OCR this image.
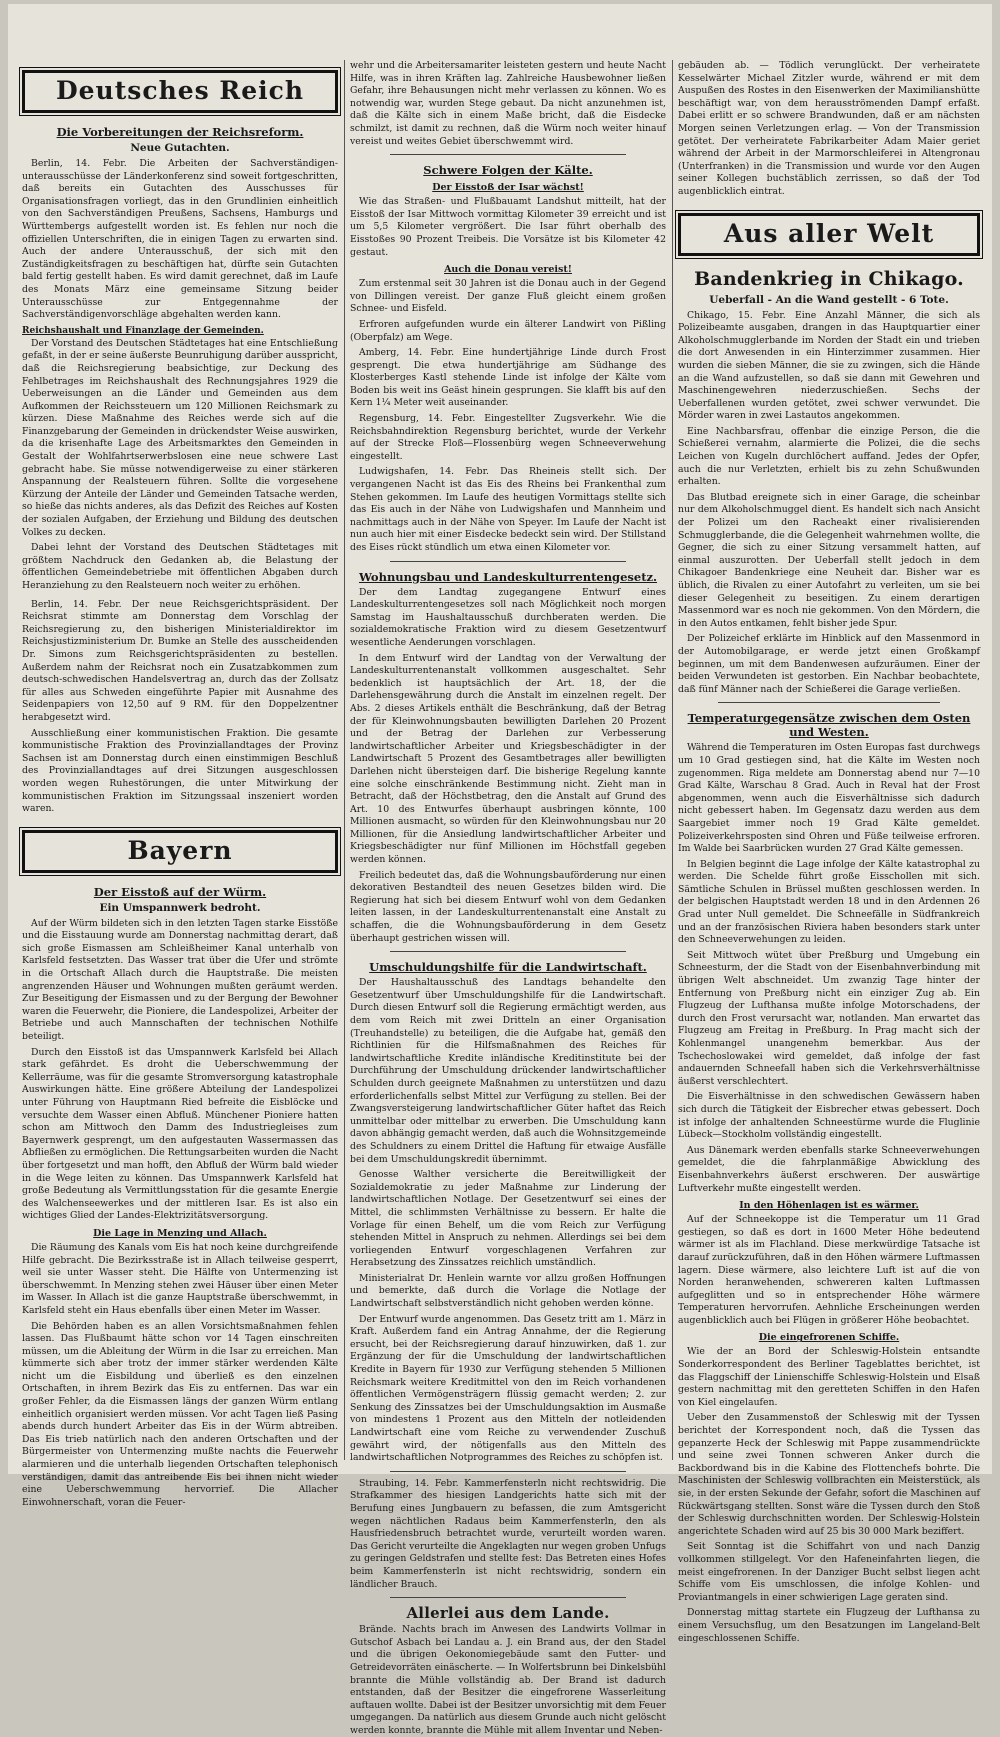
Deutsches Reich
Die Vorbereitungen der Reichsreform.
Neue Gutachten.

Berlin, 14. Febr. Die Arbeiten der Sachverständigen-unterausschüsse der Länderkonferenz sind soweit fortgeschritten, daß bereits ein Gutachten des Ausschusses für Organisationsfragen vorliegt, das in den Grundlinien einheitlich von den Sachverständigen Preußens, Sachsens, Hamburgs und Württembergs aufgestellt worden ist. Es fehlen nur noch die offiziellen Unterschriften, die in einigen Tagen zu erwarten sind. Auch der andere Unterausschuß, der sich mit den Zuständigkeitsfragen zu beschäftigen hat, dürfte sein Gutachten bald fertig gestellt haben. Es wird damit gerechnet, daß im Laufe des Monats März eine gemeinsame Sitzung beider Unterausschüsse zur Entgegennahme der Sachverständigenvorschläge abgehalten werden kann.

Reichshaushalt und Finanzlage der Gemeinden.

Der Vorstand des Deutschen Städtetages hat eine Entschließung gefaßt, in der er seine äußerste Beunruhigung darüber ausspricht, daß die Reichsregierung beabsichtige, zur Deckung des Fehlbetrages im Reichshaushalt des Rechnungsjahres 1929 die Ueberweisungen an die Länder und Gemeinden aus dem Aufkommen der Reichssteuern um 120 Millionen Reichsmark zu kürzen. Diese Maßnahme des Reiches werde sich auf die Finanzgebarung der Gemeinden in drückendster Weise auswirken, da die krisenhafte Lage des Arbeitsmarktes den Gemeinden in Gestalt der Wohlfahrtserwerbslosen eine neue schwere Last gebracht habe. Sie müsse notwendigerweise zu einer stärkeren Anspannung der Realsteuern führen. Sollte die vorgesehene Kürzung der Anteile der Länder und Gemeinden Tatsache werden, so hieße das nichts anderes, als das Defizit des Reiches auf Kosten der sozialen Aufgaben, der Erziehung und Bildung des deutschen Volkes zu decken.

Dabei lehnt der Vorstand des Deutschen Städtetages mit größtem Nachdruck den Gedanken ab, die Belastung der öffentlichen Gemeindebetriebe mit öffentlichen Abgaben durch Heranziehung zu den Realsteuern noch weiter zu erhöhen.

Berlin, 14. Febr. Der neue Reichsgerichtspräsident. Der Reichsrat stimmte am Donnerstag dem Vorschlag der Reichsregierung zu, den bisherigen Ministerialdirektor im Reichsjustizministerium Dr. Bumke an Stelle des ausscheidenden Dr. Simons zum Reichsgerichtspräsidenten zu bestellen. Außerdem nahm der Reichsrat noch ein Zusatzabkommen zum deutsch-schwedischen Handelsvertrag an, durch das der Zollsatz für alles aus Schweden eingeführte Papier mit Ausnahme des Seidenpapiers von 12,50 auf 9 RM. für den Doppelzentner herabgesetzt wird.

Ausschließung einer kommunistischen Fraktion. Die gesamte kommunistische Fraktion des Provinziallandtages der Provinz Sachsen ist am Donnerstag durch einen einstimmigen Beschluß des Provinziallandtages auf drei Sitzungen ausgeschlossen worden wegen Ruhestörungen, die unter Mitwirkung der kommunistischen Fraktion im Sitzungssaal inszeniert worden waren.

Bayern
Der Eisstoß auf der Würm.
Ein Umspannwerk bedroht.

Auf der Würm bildeten sich in den letzten Tagen starke Eisstöße und die Eisstauung wurde am Donnerstag nachmittag derart, daß sich große Eismassen am Schleißheimer Kanal unterhalb von Karlsfeld festsetzten. Das Wasser trat über die Ufer und strömte in die Ortschaft Allach durch die Hauptstraße. Die meisten angrenzenden Häuser und Wohnungen mußten geräumt werden. Zur Beseitigung der Eismassen und zu der Bergung der Bewohner waren die Feuerwehr, die Pioniere, die Landespolizei, Arbeiter der Betriebe und auch Mannschaften der technischen Nothilfe beteiligt.

Durch den Eisstoß ist das Umspannwerk Karlsfeld bei Allach stark gefährdet. Es droht die Ueberschwemmung der Kellerräume, was für die gesamte Stromversorgung katastrophale Auswirkungen hätte. Eine größere Abteilung der Landespolizei unter Führung von Hauptmann Ried befreite die Eisblöcke und versuchte dem Wasser einen Abfluß. Münchener Pioniere hatten schon am Mittwoch den Damm des Industriegleises zum Bayernwerk gesprengt, um den aufgestauten Wassermassen das Abfließen zu ermöglichen. Die Rettungsarbeiten wurden die Nacht über fortgesetzt und man hofft, den Abfluß der Würm bald wieder in die Wege leiten zu können. Das Umspannwerk Karlsfeld hat große Bedeutung als Vermittlungsstation für die gesamte Energie des Walchenseewerkes und der mittleren Isar. Es ist also ein wichtiges Glied der Landes-Elektrizitätsversorgung.

Die Lage in Menzing und Allach.

Die Räumung des Kanals vom Eis hat noch keine durchgreifende Hilfe gebracht. Die Bezirksstraße ist in Allach teilweise gesperrt, weil sie unter Wasser steht. Die Hälfte von Untermenzing ist überschwemmt. In Menzing stehen zwei Häuser über einen Meter im Wasser. In Allach ist die ganze Hauptstraße überschwemmt, in Karlsfeld steht ein Haus ebenfalls über einen Meter im Wasser.

Die Behörden haben es an allen Vorsichtsmaßnahmen fehlen lassen. Das Flußbaumt hätte schon vor 14 Tagen einschreiten müssen, um die Ableitung der Würm in die Isar zu erreichen. Man kümmerte sich aber trotz der immer stärker werdenden Kälte nicht um die Eisbildung und überließ es den einzelnen Ortschaften, in ihrem Bezirk das Eis zu entfernen. Das war ein großer Fehler, da die Eismassen längs der ganzen Würm entlang einheitlich organisiert werden müssen. Vor acht Tagen ließ Pasing abends durch hundert Arbeiter das Eis in der Würm abtreiben. Das Eis trieb natürlich nach den anderen Ortschaften und der Bürgermeister von Untermenzing mußte nachts die Feuerwehr alarmieren und die unterhalb liegenden Ortschaften telephonisch verständigen, damit das antreibende Eis bei ihnen nicht wieder eine Ueberschwemmung hervorrief. Die Allacher Einwohnerschaft, voran die Feuer-

wehr und die Arbeitersamariter leisteten gestern und heute Nacht Hilfe, was in ihren Kräften lag. Zahlreiche Hausbewohner ließen Gefahr, ihre Behausungen nicht mehr verlassen zu können. Wo es notwendig war, wurden Stege gebaut. Da nicht anzunehmen ist, daß die Kälte sich in einem Maße bricht, daß die Eisdecke schmilzt, ist damit zu rechnen, daß die Würm noch weiter hinauf vereist und weites Gebiet überschwemmt wird.

Schwere Folgen der Kälte.
Der Eisstoß der Isar wächst!

Wie das Straßen- und Flußbauamt Landshut mitteilt, hat der Eisstoß der Isar Mittwoch vormittag Kilometer 39 erreicht und ist um 5,5 Kilometer vergrößert. Die Isar führt oberhalb des Eisstoßes 90 Prozent Treibeis. Die Vorsätze ist bis Kilometer 42 gestaut.

Auch die Donau vereist!

Zum erstenmal seit 30 Jahren ist die Donau auch in der Gegend von Dillingen vereist. Der ganze Fluß gleicht einem großen Schnee- und Eisfeld.

Erfroren aufgefunden wurde ein älterer Landwirt von Pißling (Oberpfalz) am Wege.

Amberg, 14. Febr. Eine hundertjährige Linde durch Frost gesprengt. Die etwa hundertjährige am Südhange des Klosterberges Kastl stehende Linde ist infolge der Kälte vom Boden bis weit ins Geäst hinein gesprungen. Sie klafft bis auf den Kern 1¼ Meter weit auseinander.

Regensburg, 14. Febr. Eingestellter Zugsverkehr. Wie die Reichsbahndirektion Regensburg berichtet, wurde der Verkehr auf der Strecke Floß—Flossenbürg wegen Schneeverwehung eingestellt.

Ludwigshafen, 14. Febr. Das Rheineis stellt sich. Der vergangenen Nacht ist das Eis des Rheins bei Frankenthal zum Stehen gekommen. Im Laufe des heutigen Vormittags stellte sich das Eis auch in der Nähe von Ludwigshafen und Mannheim und nachmittags auch in der Nähe von Speyer. Im Laufe der Nacht ist nun auch hier mit einer Eisdecke bedeckt sein wird. Der Stillstand des Eises rückt stündlich um etwa einen Kilometer vor.

Wohnungsbau und Landeskulturrentengesetz.

Der dem Landtag zugegangene Entwurf eines Landeskulturrentengesetzes soll nach Möglichkeit noch morgen Samstag im Haushaltausschuß durchberaten werden. Die sozialdemokratische Fraktion wird zu diesem Gesetzentwurf wesentliche Aenderungen vorschlagen.

In dem Entwurf wird der Landtag von der Verwaltung der Landeskulturrentenanstalt vollkommen ausgeschaltet. Sehr bedenklich ist hauptsächlich der Art. 18, der die Darlehensgewährung durch die Anstalt im einzelnen regelt. Der Abs. 2 dieses Artikels enthält die Beschränkung, daß der Betrag der für Kleinwohnungsbauten bewilligten Darlehen 20 Prozent und der Betrag der Darlehen zur Verbesserung landwirtschaftlicher Arbeiter und Kriegsbeschädigter in der Landwirtschaft 5 Prozent des Gesamtbetrages aller bewilligten Darlehen nicht übersteigen darf. Die bisherige Regelung kannte eine solche einschränkende Bestimmung nicht. Zieht man in Betracht, daß der Höchstbetrag, den die Anstalt auf Grund des Art. 10 des Entwurfes überhaupt ausbringen könnte, 100 Millionen ausmacht, so würden für den Kleinwohnungsbau nur 20 Millionen, für die Ansiedlung landwirtschaftlicher Arbeiter und Kriegsbeschädigter nur fünf Millionen im Höchstfall gegeben werden können.

Freilich bedeutet das, daß die Wohnungsbauförderung nur einen dekorativen Bestandteil des neuen Gesetzes bilden wird. Die Regierung hat sich bei diesem Entwurf wohl von dem Gedanken leiten lassen, in der Landeskulturrentenanstalt eine Anstalt zu schaffen, die die Wohnungsbauförderung in dem Gesetz überhaupt gestrichen wissen will.

Umschuldungshilfe für die Landwirtschaft.

Der Haushaltausschuß des Landtags behandelte den Gesetzentwurf über Umschuldungshilfe für die Landwirtschaft. Durch diesen Entwurf soll die Regierung ermächtigt werden, aus dem vom Reich mit zwei Dritteln an einer Organisation (Treuhandstelle) zu beteiligen, die die Aufgabe hat, gemäß den Richtlinien für die Hilfsmaßnahmen des Reiches für landwirtschaftliche Kredite inländische Kreditinstitute bei der Durchführung der Umschuldung drückender landwirtschaftlicher Schulden durch geeignete Maßnahmen zu unterstützen und dazu erforderlichenfalls selbst Mittel zur Verfügung zu stellen. Bei der Zwangsversteigerung landwirtschaftlicher Güter haftet das Reich unmittelbar oder mittelbar zu erwerben. Die Umschuldung kann davon abhängig gemacht werden, daß auch die Wohnsitzgemeinde des Schuldners zu einem Drittel die Haftung für etwaige Ausfälle bei dem Umschuldungskredit übernimmt.

Genosse Walther versicherte die Bereitwilligkeit der Sozialdemokratie zu jeder Maßnahme zur Linderung der landwirtschaftlichen Notlage. Der Gesetzentwurf sei eines der Mittel, die schlimmsten Verhältnisse zu bessern. Er halte die Vorlage für einen Behelf, um die vom Reich zur Verfügung stehenden Mittel in Anspruch zu nehmen. Allerdings sei bei dem vorliegenden Entwurf vorgeschlagenen Verfahren zur Herabsetzung des Zinssatzes reichlich umständlich.

Ministerialrat Dr. Henlein warnte vor allzu großen Hoffnungen und bemerkte, daß durch die Vorlage die Notlage der Landwirtschaft selbstverständlich nicht gehoben werden könne.

Der Entwurf wurde angenommen. Das Gesetz tritt am 1. März in Kraft. Außerdem fand ein Antrag Annahme, der die Regierung ersucht, bei der Reichsregierung darauf hinzuwirken, daß 1. zur Ergänzung der für die Umschuldung der landwirtschaftlichen Kredite in Bayern für 1930 zur Verfügung stehenden 5 Millionen Reichsmark weitere Kreditmittel von den im Reich vorhandenen öffentlichen Vermögensträgern flüssig gemacht werden; 2. zur Senkung des Zinssatzes bei der Umschuldungsaktion im Ausmaße von mindestens 1 Prozent aus den Mitteln der notleidenden Landwirtschaft eine vom Reiche zu verwendender Zuschuß gewährt wird, der nötigenfalls aus den Mitteln des landwirtschaftlichen Notprogrammes des Reiches zu schöpfen ist.

Straubing, 14. Febr. Kammerfensterln nicht rechtswidrig. Die Strafkammer des hiesigen Landgerichts hatte sich mit der Berufung eines Jungbauern zu befassen, die zum Amtsgericht wegen nächtlichen Radaus beim Kammerfensterln, den als Hausfriedensbruch betrachtet wurde, verurteilt worden waren. Das Gericht verurteilte die Angeklagten nur wegen groben Unfugs zu geringen Geldstrafen und stellte fest: Das Betreten eines Hofes beim Kammerfensterln ist nicht rechtswidrig, sondern ein ländlicher Brauch.

Allerlei aus dem Lande.

Brände. Nachts brach im Anwesen des Landwirts Vollmar in Gutschof Asbach bei Landau a. J. ein Brand aus, der den Stadel und die übrigen Oekonomiegebäude samt den Futter- und Getreidevorräten einäscherte. — In Wolfertsbrunn bei Dinkelsbühl brannte die Mühle vollständig ab. Der Brand ist dadurch entstanden, daß der Besitzer die eingefrorene Wasserleitung auftauen wollte. Dabei ist der Besitzer unvorsichtig mit dem Feuer umgegangen. Da natürlich aus diesem Grunde auch nicht gelöscht werden konnte, brannte die Mühle mit allem Inventar und Neben-

gebäuden ab. — Tödlich verunglückt. Der verheiratete Kesselwärter Michael Zitzler wurde, während er mit dem Auspußen des Rostes in den Eisenwerken der Maximilianshütte beschäftigt war, von dem herausströmenden Dampf erfaßt. Dabei erlitt er so schwere Brandwunden, daß er am nächsten Morgen seinen Verletzungen erlag. — Von der Transmission getötet. Der verheiratete Fabrikarbeiter Adam Maier geriet während der Arbeit in der Marmorschleiferei in Altengronau (Unterfranken) in die Transmission und wurde vor den Augen seiner Kollegen buchstäblich zerrissen, so daß der Tod augenblicklich eintrat.

Aus aller Welt
Bandenkrieg in Chikago.
Ueberfall - An die Wand gestellt - 6 Tote.

Chikago, 15. Febr. Eine Anzahl Männer, die sich als Polizeibeamte ausgaben, drangen in das Hauptquartier einer Alkoholschmugglerbande im Norden der Stadt ein und trieben die dort Anwesenden in ein Hinterzimmer zusammen. Hier wurden die sieben Männer, die sie zu zwingen, sich die Hände an die Wand aufzustellen, so daß sie dann mit Gewehren und Maschinengewehren niederzuschießen. Sechs der Ueberfallenen wurden getötet, zwei schwer verwundet. Die Mörder waren in zwei Lastautos angekommen.

Eine Nachbarsfrau, offenbar die einzige Person, die die Schießerei vernahm, alarmierte die Polizei, die die sechs Leichen von Kugeln durchlöchert auffand. Jedes der Opfer, auch die nur Verletzten, erhielt bis zu zehn Schußwunden erhalten.

Das Blutbad ereignete sich in einer Garage, die scheinbar nur dem Alkoholschmuggel dient. Es handelt sich nach Ansicht der Polizei um den Racheakt einer rivalisierenden Schmugglerbande, die die Gelegenheit wahrnehmen wollte, die Gegner, die sich zu einer Sitzung versammelt hatten, auf einmal auszurotten. Der Ueberfall stellt jedoch in dem Chikagoer Bandenkriege eine Neuheit dar. Bisher war es üblich, die Rivalen zu einer Autofahrt zu verleiten, um sie bei dieser Gelegenheit zu beseitigen. Zu einem derartigen Massenmord war es noch nie gekommen. Von den Mördern, die in den Autos entkamen, fehlt bisher jede Spur.

Der Polizeichef erklärte im Hinblick auf den Massenmord in der Automobilgarage, er werde jetzt einen Großkampf beginnen, um mit dem Bandenwesen aufzuräumen. Einer der beiden Verwundeten ist gestorben. Ein Nachbar beobachtete, daß fünf Männer nach der Schießerei die Garage verließen.

Temperaturgegensätze zwischen dem Osten und Westen.

Während die Temperaturen im Osten Europas fast durchwegs um 10 Grad gestiegen sind, hat die Kälte im Westen noch zugenommen. Riga meldete am Donnerstag abend nur 7—10 Grad Kälte, Warschau 8 Grad. Auch in Reval hat der Frost abgenommen, wenn auch die Eisverhältnisse sich dadurch nicht gebessert haben. Im Gegensatz dazu werden aus dem Saargebiet immer noch 19 Grad Kälte gemeldet. Polizeiverkehrsposten sind Ohren und Füße teilweise erfroren. Im Walde bei Saarbrücken wurden 27 Grad Kälte gemessen.

In Belgien beginnt die Lage infolge der Kälte katastrophal zu werden. Die Schelde führt große Eisschollen mit sich. Sämtliche Schulen in Brüssel mußten geschlossen werden. In der belgischen Hauptstadt werden 18 und in den Ardennen 26 Grad unter Null gemeldet. Die Schneefälle in Südfrankreich und an der französischen Riviera haben besonders stark unter den Schneeverwehungen zu leiden.

Seit Mittwoch wütet über Preßburg und Umgebung ein Schneesturm, der die Stadt von der Eisenbahnverbindung mit übrigen Welt abschneidet. Um zwanzig Tage hinter der Entfernung von Preßburg nicht ein einziger Zug ab. Ein Flugzeug der Lufthansa mußte infolge Motorschadens, der durch den Frost verursacht war, notlanden. Man erwartet das Flugzeug am Freitag in Preßburg. In Prag macht sich der Kohlenmangel unangenehm bemerkbar. Aus der Tschechoslowakei wird gemeldet, daß infolge der fast andauernden Schneefall haben sich die Verkehrsverhältnisse äußerst verschlechtert.

Die Eisverhältnisse in den schwedischen Gewässern haben sich durch die Tätigkeit der Eisbrecher etwas gebessert. Doch ist infolge der anhaltenden Schneestürme wurde die Fluglinie Lübeck—Stockholm vollständig eingestellt.

Aus Dänemark werden ebenfalls starke Schneeverwehungen gemeldet, die die fahrplanmäßige Abwicklung des Eisenbahnverkehrs äußerst erschweren. Der auswärtige Luftverkehr mußte eingestellt werden.

In den Höhenlagen ist es wärmer.

Auf der Schneekoppe ist die Temperatur um 11 Grad gestiegen, so daß es dort in 1600 Meter Höhe bedeutend wärmer ist als im Flachland. Diese merkwürdige Tatsache ist darauf zurückzuführen, daß in den Höhen wärmere Luftmassen lagern. Diese wärmere, also leichtere Luft ist auf die von Norden heranwehenden, schwereren kalten Luftmassen aufgeglitten und so in entsprechender Höhe wärmere Temperaturen hervorrufen. Aehnliche Erscheinungen werden augenblicklich auch bei Flügen in größerer Höhe beobachtet.

Die eingefrorenen Schiffe.

Wie der an Bord der Schleswig-Holstein entsandte Sonderkorrespondent des Berliner Tageblattes berichtet, ist das Flaggschiff der Linienschiffe Schleswig-Holstein und Elsaß gestern nachmittag mit den geretteten Schiffen in den Hafen von Kiel eingelaufen.

Ueber den Zusammenstoß der Schleswig mit der Tyssen berichtet der Korrespondent noch, daß die Tyssen das gepanzerte Heck der Schleswig mit Pappe zusammendrückte und seine zwei Tonnen schweren Anker durch die Backbordwand bis in die Kabine des Flottenchefs bohrte. Die Maschinisten der Schleswig vollbrachten ein Meisterstück, als sie, in der ersten Sekunde der Gefahr, sofort die Maschinen auf Rückwärtsgang stellten. Sonst wäre die Tyssen durch den Stoß der Schleswig durchschnitten worden. Der Schleswig-Holstein angerichtete Schaden wird auf 25 bis 30 000 Mark beziffert.

Seit Sonntag ist die Schiffahrt von und nach Danzig vollkommen stillgelegt. Vor den Hafeneinfahrten liegen, die meist eingefrorenen. In der Danziger Bucht selbst liegen acht Schiffe vom Eis umschlossen, die infolge Kohlen- und Proviantmangels in einer schwierigen Lage geraten sind.

Donnerstag mittag startete ein Flugzeug der Lufthansa zu einem Versuchsflug, um den Besatzungen im Langeland-Belt eingeschlossenen Schiffe.
